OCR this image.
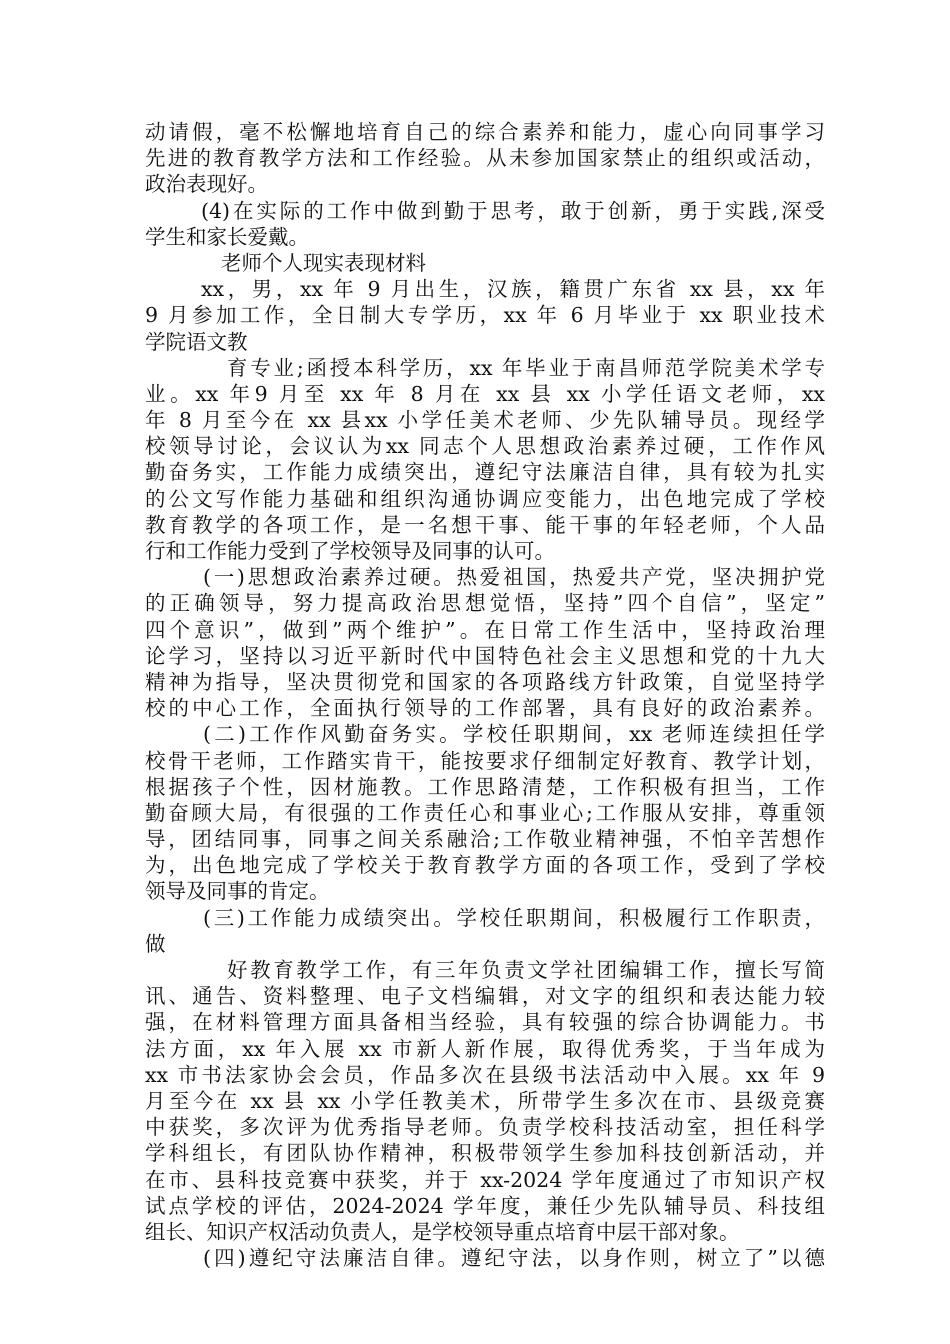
动请假，毫不松懈地培育自己的综合素养和能力，虚心向同事学习
先进的教育教学方法和工作经验。从未参加国家禁止的组织或活动，
政治表现好。
(4)在实际的工作中做到勤于思考，敢于创新，勇于实践,深受
学生和家长爱戴。
老师个人现实表现材料
xx，男，xx 年 9 月出生，汉族，籍贯广东省 xx 县，xx 年
9 月参加工作，全日制大专学历，xx 年 6 月毕业于 xx 职业技术
学院语文教
育专业;函授本科学历，xx 年毕业于南昌师范学院美术学专
业。xx 年9 月至 xx 年 8 月在 xx 县 xx 小学任语文老师，xx
年 8 月至今在 xx 县xx 小学任美术老师、少先队辅导员。现经学
校领导讨论，会议认为xx 同志个人思想政治素养过硬，工作作风
勤奋务实，工作能力成绩突出，遵纪守法廉洁自律，具有较为扎实
的公文写作能力基础和组织沟通协调应变能力，出色地完成了学校
教育教学的各项工作，是一名想干事、能干事的年轻老师，个人品
行和工作能力受到了学校领导及同事的认可。
(一)思想政治素养过硬。热爱祖国，热爱共产党，坚决拥护党
的正确领导，努力提高政治思想觉悟，坚持”四个自信”，坚定”
四个意识”，做到”两个维护”。在日常工作生活中，坚持政治理
论学习，坚持以习近平新时代中国特色社会主义思想和党的十九大
精神为指导，坚决贯彻党和国家的各项路线方针政策，自觉坚持学
校的中心工作，全面执行领导的工作部署，具有良好的政治素养。
(二)工作作风勤奋务实。学校任职期间，xx 老师连续担任学
校骨干老师，工作踏实肯干，能按要求仔细制定好教育、教学计划，
根据孩子个性，因材施教。工作思路清楚，工作积极有担当，工作
勤奋顾大局，有很强的工作责任心和事业心;工作服从安排，尊重领
导，团结同事，同事之间关系融洽;工作敬业精神强，不怕辛苦想作
为，出色地完成了学校关于教育教学方面的各项工作，受到了学校
领导及同事的肯定。
(三)工作能力成绩突出。学校任职期间，积极履行工作职责，
做
好教育教学工作，有三年负责文学社团编辑工作，擅长写简
讯、通告、资料整理、电子文档编辑，对文字的组织和表达能力较
强，在材料管理方面具备相当经验，具有较强的综合协调能力。书
法方面，xx 年入展 xx 市新人新作展，取得优秀奖，于当年成为
xx 市书法家协会会员，作品多次在县级书法活动中入展。xx 年 9
月至今在 xx 县 xx 小学任教美术，所带学生多次在市、县级竞赛
中获奖，多次评为优秀指导老师。负责学校科技活动室，担任科学
学科组长，有团队协作精神，积极带领学生参加科技创新活动，并
在市、县科技竞赛中获奖，并于 xx-2024 学年度通过了市知识产权
试点学校的评估，2024-2024 学年度，兼任少先队辅导员、科技组
组长、知识产权活动负责人，是学校领导重点培育中层干部对象。
(四)遵纪守法廉洁自律。遵纪守法，以身作则，树立了”以德
